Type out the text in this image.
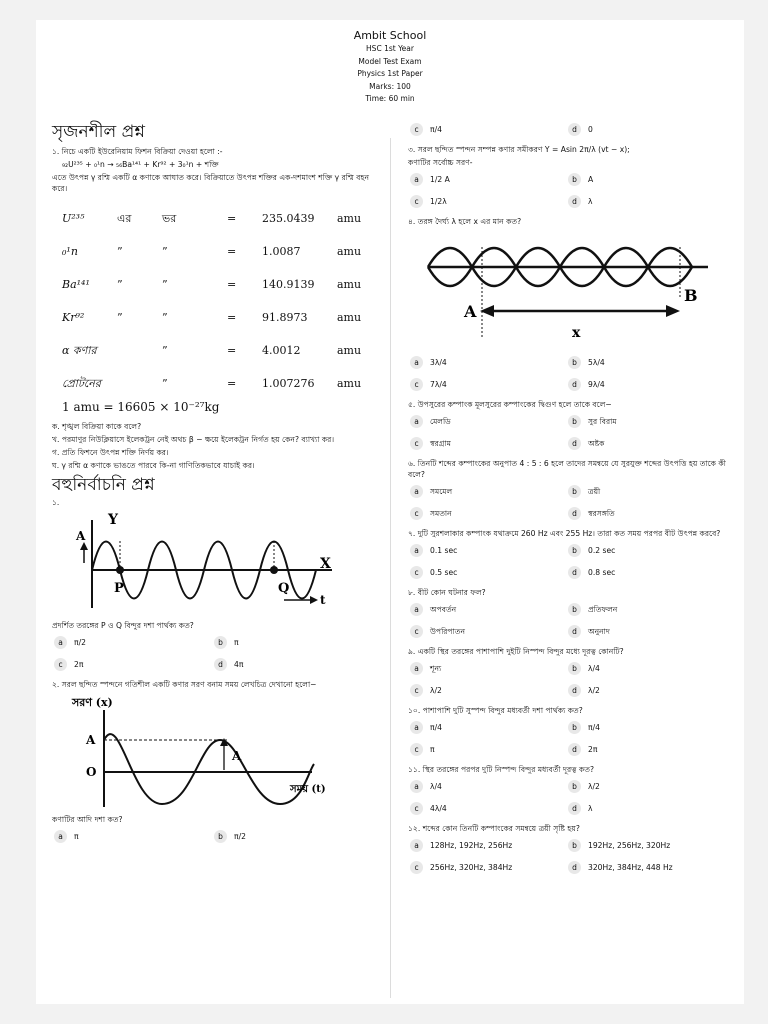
Ambit School
HSC 1st Year
Model Test Exam
Physics 1st Paper
Marks: 100
Time: 60 min
সৃজনশীল প্রশ্ন
১. নিচে একটি ইউরেনিয়াম ফিশন বিক্রিয়া দেওয়া হলো :-
₉₂U²³⁵ + ₀¹n → ₅₆Ba¹⁴¹ + Kr⁹² + 3₀¹n + শক্তি
এতে উৎপন্ন γ রশ্মি একটি α কণাকে আঘাত করে। বিক্রিয়াতে উৎপন্ন শক্তির এক-দশমাংশ শক্তি γ রশ্মি বহন করে।
U²³⁵	এর	ভর	=	235.0439	amu
₀¹n	”	”	=	1.0087	amu
Ba¹⁴¹	”	”	=	140.9139	amu
Kr⁹²	”	”	=	91.8973	amu
α কণার		”	=	4.0012	amu
প্রোটনের		”	=	1.007276	amu
1 amu = 16605 × 10⁻²⁷kg
ক. শৃঙ্খল বিক্রিয়া কাকে বলে?
খ. পরমাণুর নিউক্লিয়াসে ইলেকট্রন নেই অথচ β − ক্ষয়ে ইলেকট্রন নির্গত হয় কেন? ব্যাখ্যা কর।
গ. প্রতি ফিশনে উৎপন্ন শক্তি নির্ণয় কর।
ঘ. γ রশ্মি α কণাকে ভাঙতে পারবে কি-না গাণিতিকভাবে যাচাই কর।
বহুনির্বাচনি প্রশ্ন
১.
Y
A
X
P	Q
t
প্রদর্শিত তরঙ্গের P ও Q বিন্দুর দশা পার্থক্য কত?
a	π/2	b	π
c	2π	d	4π
২. সরল ছন্দিত স্পন্দনে গতিশীল একটি কণার সরণ বনাম সময় লেখচিত্র দেখানো হলো−
সরণ (x)
A
O
A
সময় (t)
কণাটির আদি দশা কত?
a	π	b	π/2
c	π/4	d	0
৩. সরল ছন্দিত স্পন্দন সম্পন্ন কণার সমীকরণ Y = Asin 2π/λ (vt − x);
কণাটির সর্বোচ্চ সরণ-
a	1/2 A	b	A
c	1/2λ	d	λ
৪. তরঙ্গ দৈর্ঘ্য λ হলে x এর মান কত?
A
B
x
a	3λ/4	b	5λ/4
c	7λ/4	d	9λ/4
৫. উপসুরের কম্পাংক মূলসুরের কম্পাংকের দ্বিগুণ হলে তাকে বলে−
a	মেলডি	b	সুর বিরাম
c	স্বরগ্রাম	d	অষ্টক
৬. তিনটি শব্দের কম্পাংকের অনুপাত 4 : 5 : 6 হলে তাদের সমন্বয়ে যে সুরযুক্ত শব্দের উৎপত্তি হয় তাকে কী বলে?
a	সমমেল	b	ত্রয়ী
c	সমতান	d	স্বরসঙ্গতি
৭. দুটি সুরশলাকার কম্পাংক যথাক্রমে 260 Hz এবং 255 Hz। তারা কত সময় পরপর বীট উৎপন্ন করবে?
a	0.1 sec	b	0.2 sec
c	0.5 sec	d	0.8 sec
৮. বীট কোন ঘটনার ফল?
a	অপবর্তন	b	প্রতিফলন
c	উপরিপাতন	d	অনুনাদ
৯. একটি স্থির তরঙ্গের পাশাপাশি দুইটি নিস্পন্দ বিন্দুর মধ্যে দূরত্ব কোনটি?
a	শূন্য	b	λ/4
c	λ/2	d	λ/2
১০. পাশাপাশি দুটি সুস্পন্দ বিন্দুর মধ্যবর্তী দশা পার্থক্য কত?
a	π/4	b	π/4
c	π	d	2π
১১. স্থির তরঙ্গের পরপর দুটি নিস্পন্দ বিন্দুর মধ্যবর্তী দূরত্ব কত?
a	λ/4	b	λ/2
c	4λ/4	d	λ
১২. শব্দের কোন তিনটি কম্পাংকের সমন্বয়ে ত্রয়ী সৃষ্টি হয়?
a	128Hz, 192Hz, 256Hz	b	192Hz, 256Hz, 320Hz
c	256Hz, 320Hz, 384Hz	d	320Hz, 384Hz, 448 Hz
